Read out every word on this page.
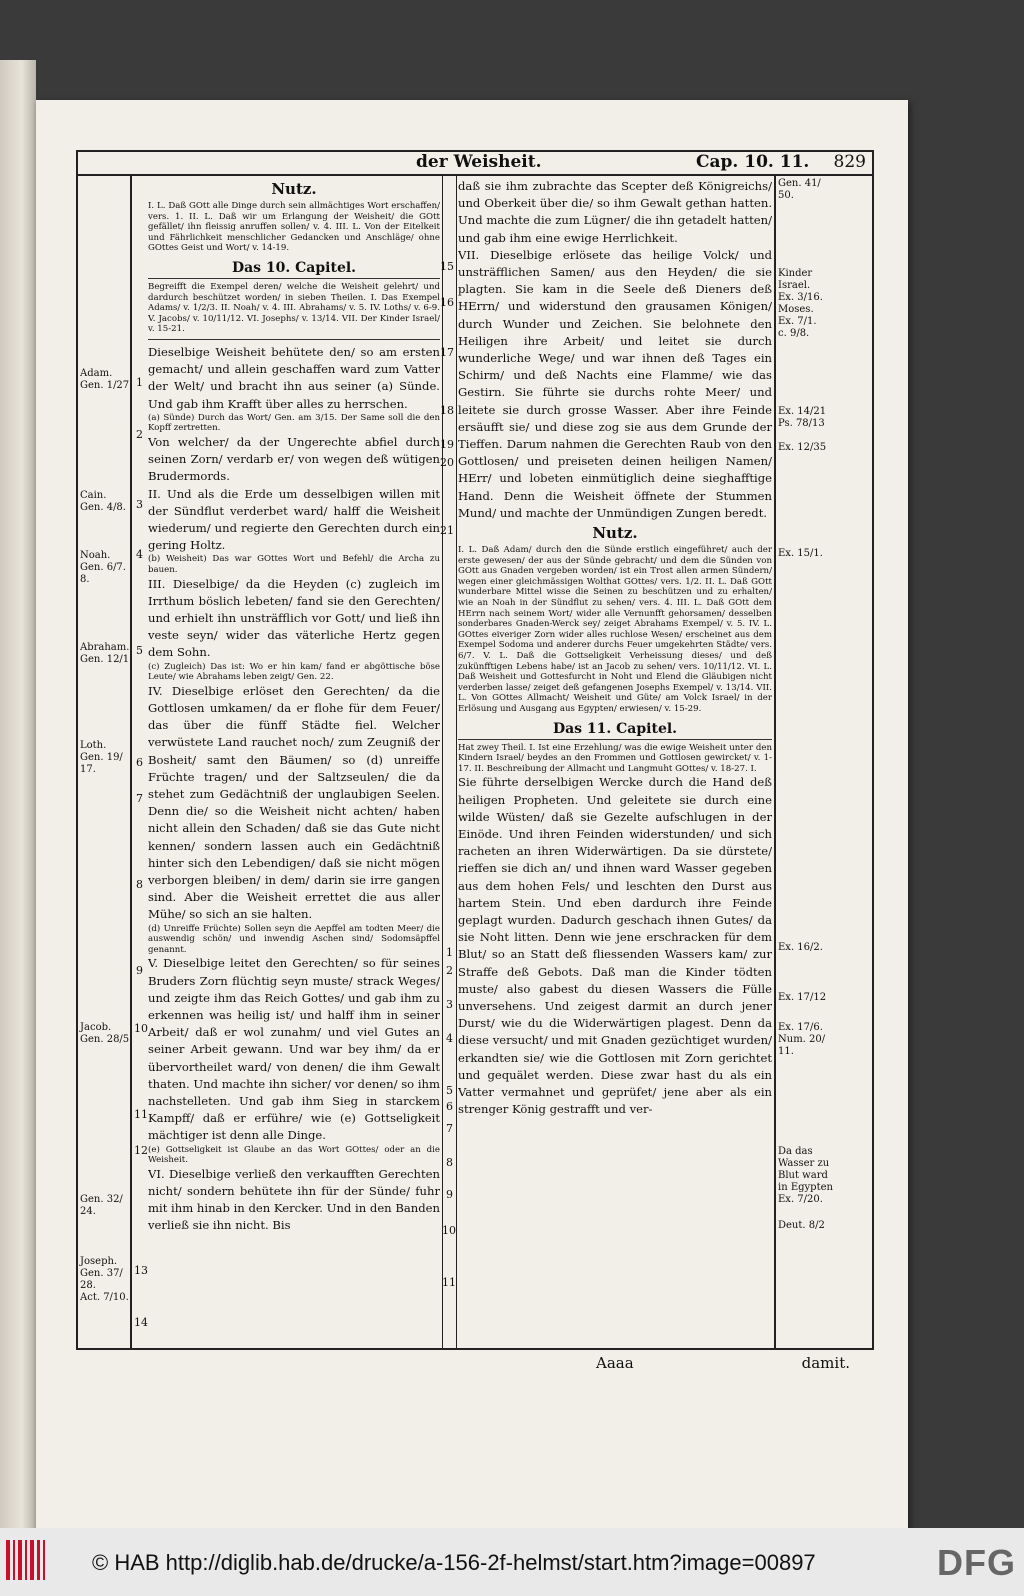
der Weisheit.	Cap. 10. 11. 829
Adam.
Gen. 1/27
Cain.
Gen. 4/8.
Noah.
Gen. 6/7.
8.
Abraham.
Gen. 12/1
Loth.
Gen. 19/
17.
Jacob.
Gen. 28/5
Gen. 32/
24.
Joseph.
Gen. 37/
28.
Act. 7/10.
1
2
3
4
5
6
7
8
9
10
11
12
13
14
Nutz.
I. L. Daß GOtt alle Dinge durch sein allmächtiges Wort erschaffen/ vers. 1. II. L. Daß wir um Erlangung der Weisheit/ die GOtt gefället/ ihn fleissig anruffen sollen/ v. 4. III. L. Von der Eitelkeit und Fährlichkeit menschlicher Gedancken und Anschläge/ ohne GOttes Geist und Wort/ v. 14-19.
Das 10. Capitel.
Begreifft die Exempel deren/ welche die Weisheit gelehrt/ und dardurch beschützet worden/ in sieben Theilen. I. Das Exempel Adams/ v. 1/2/3. II. Noah/ v. 4. III. Abrahams/ v. 5. IV. Loths/ v. 6-9. V. Jacobs/ v. 10/11/12. VI. Josephs/ v. 13/14. VII. Der Kinder Israel/ v. 15-21.
Dieselbige Weisheit behütete den/ so am ersten gemacht/ und allein geschaffen ward zum Vatter der Welt/ und bracht ihn aus seiner (a) Sünde. Und gab ihm Krafft über alles zu herrschen.
(a) Sünde) Durch das Wort/ Gen. am 3/15. Der Same soll die den Kopff zertretten.
Von welcher/ da der Ungerechte abfiel durch seinen Zorn/ verdarb er/ von wegen deß wütigen Brudermords.
II. Und als die Erde um desselbigen willen mit der Sündflut verderbet ward/ halff die Weisheit wiederum/ und regierte den Gerechten durch ein gering Holtz.
(b) Weisheit) Das war GOttes Wort und Befehl/ die Archa zu bauen.
III. Dieselbige/ da die Heyden (c) zugleich im Irrthum böslich lebeten/ fand sie den Gerechten/ und erhielt ihn unsträfflich vor Gott/ und ließ ihn veste seyn/ wider das väterliche Hertz gegen dem Sohn.
(c) Zugleich) Das ist: Wo er hin kam/ fand er abgöttische böse Leute/ wie Abrahams leben zeigt/ Gen. 22.
IV. Dieselbige erlöset den Gerechten/ da die Gottlosen umkamen/ da er flohe für dem Feuer/ das über die fünff Städte fiel. Welcher verwüstete Land rauchet noch/ zum Zeugniß der Bosheit/ samt den Bäumen/ so (d) unreiffe Früchte tragen/ und der Saltzseulen/ die da stehet zum Gedächtniß der unglaubigen Seelen. Denn die/ so die Weisheit nicht achten/ haben nicht allein den Schaden/ daß sie das Gute nicht kennen/ sondern lassen auch ein Gedächtniß hinter sich den Lebendigen/ daß sie nicht mögen verborgen bleiben/ in dem/ darin sie irre gangen sind. Aber die Weisheit errettet die aus aller Mühe/ so sich an sie halten.
(d) Unreiffe Früchte) Sollen seyn die Aepffel am todten Meer/ die auswendig schön/ und inwendig Aschen sind/ Sodomsäpffel genannt.
V. Dieselbige leitet den Gerechten/ so für seines Bruders Zorn flüchtig seyn muste/ strack Weges/ und zeigte ihm das Reich Gottes/ und gab ihm zu erkennen was heilig ist/ und halff ihm in seiner Arbeit/ daß er wol zunahm/ und viel Gutes an seiner Arbeit gewann. Und war bey ihm/ da er übervortheilet ward/ von denen/ die ihm Gewalt thaten. Und machte ihn sicher/ vor denen/ so ihm nachstelleten. Und gab ihm Sieg in starckem Kampff/ daß er erführe/ wie (e) Gottseligkeit mächtiger ist denn alle Dinge.
(e) Gottseligkeit ist Glaube an das Wort GOttes/ oder an die Weisheit.
VI. Dieselbige verließ den verkaufften Gerechten nicht/ sondern behütete ihn für der Sünde/ fuhr mit ihm hinab in den Kercker. Und in den Banden verließ sie ihn nicht. Bis
15
16
17
18
19
20
21
1
2
3
4
5
6
7
8
9
10
11
daß sie ihm zubrachte das Scepter deß Königreichs/ und Oberkeit über die/ so ihm Gewalt gethan hatten. Und machte die zum Lügner/ die ihn getadelt hatten/ und gab ihm eine ewige Herrlichkeit.
VII. Dieselbige erlösete das heilige Volck/ und unsträfflichen Samen/ aus den Heyden/ die sie plagten. Sie kam in die Seele deß Dieners deß HErrn/ und widerstund den grausamen Königen/ durch Wunder und Zeichen. Sie belohnete den Heiligen ihre Arbeit/ und leitet sie durch wunderliche Wege/ und war ihnen deß Tages ein Schirm/ und deß Nachts eine Flamme/ wie das Gestirn. Sie führte sie durchs rohte Meer/ und leitete sie durch grosse Wasser. Aber ihre Feinde ersäufft sie/ und diese zog sie aus dem Grunde der Tieffen. Darum nahmen die Gerechten Raub von den Gottlosen/ und preiseten deinen heiligen Namen/ HErr/ und lobeten einmütiglich deine sieghafftige Hand. Denn die Weisheit öffnete der Stummen Mund/ und machte der Unmündigen Zungen beredt.
Nutz.
I. L. Daß Adam/ durch den die Sünde erstlich eingeführet/ auch der erste gewesen/ der aus der Sünde gebracht/ und dem die Sünden von GOtt aus Gnaden vergeben worden/ ist ein Trost allen armen Sündern/ wegen einer gleichmässigen Wolthat GOttes/ vers. 1/2. II. L. Daß GOtt wunderbare Mittel wisse die Seinen zu beschützen und zu erhalten/ wie an Noah in der Sündflut zu sehen/ vers. 4. III. L. Daß GOtt dem HErrn nach seinem Wort/ wider alle Vernunfft gehorsamen/ desselben sonderbares Gnaden-Werck sey/ zeiget Abrahams Exempel/ v. 5. IV. L. GOttes eiveriger Zorn wider alles ruchlose Wesen/ erscheinet aus dem Exempel Sodoma und anderer durchs Feuer umgekehrten Städte/ vers. 6/7. V. L. Daß die Gottseligkeit Verheissung dieses/ und deß zukünfftigen Lebens habe/ ist an Jacob zu sehen/ vers. 10/11/12. VI. L. Daß Weisheit und Gottesfurcht in Noht und Elend die Gläubigen nicht verderben lasse/ zeiget deß gefangenen Josephs Exempel/ v. 13/14. VII. L. Von GOttes Allmacht/ Weisheit und Güte/ am Volck Israel/ in der Erlösung und Ausgang aus Egypten/ erwiesen/ v. 15-29.
Das 11. Capitel.
Hat zwey Theil. I. Ist eine Erzehlung/ was die ewige Weisheit unter den Kindern Israel/ beydes an den Frommen und Gottlosen gewircket/ v. 1-17. II. Beschreibung der Allmacht und Langmuht GOttes/ v. 18-27. I.
Sie führte derselbigen Wercke durch die Hand deß heiligen Propheten. Und geleitete sie durch eine wilde Wüsten/ daß sie Gezelte aufschlugen in der Einöde. Und ihren Feinden widerstunden/ und sich racheten an ihren Widerwärtigen. Da sie dürstete/ rieffen sie dich an/ und ihnen ward Wasser gegeben aus dem hohen Fels/ und leschten den Durst aus hartem Stein. Und eben dardurch ihre Feinde geplagt wurden. Dadurch geschach ihnen Gutes/ da sie Noht litten. Denn wie jene erschracken für dem Blut/ so an Statt deß fliessenden Wassers kam/ zur Straffe deß Gebots. Daß man die Kinder tödten muste/ also gabest du diesen Wassers die Fülle unversehens. Und zeigest darmit an durch jener Durst/ wie du die Widerwärtigen plagest. Denn da diese versucht/ und mit Gnaden gezüchtiget wurden/ erkandten sie/ wie die Gottlosen mit Zorn gerichtet und gequälet werden. Diese zwar hast du als ein Vatter vermahnet und geprüfet/ jene aber als ein strenger König gestrafft und ver-
Gen. 41/
50.
Kinder
Israel.
Ex. 3/16.
Moses.
Ex. 7/1.
c. 9/8.
Ex. 14/21
Ps. 78/13
Ex. 12/35
Ex. 15/1.
Ex. 16/2.
Ex. 17/12
Ex. 17/6.
Num. 20/
11.
Da das
Wasser zu
Blut ward
in Egypten
Ex. 7/20.
Deut. 8/2
Aaaa	damit.
© HAB http://diglib.hab.de/drucke/a-156-2f-helmst/start.htm?image=00897	DFG
